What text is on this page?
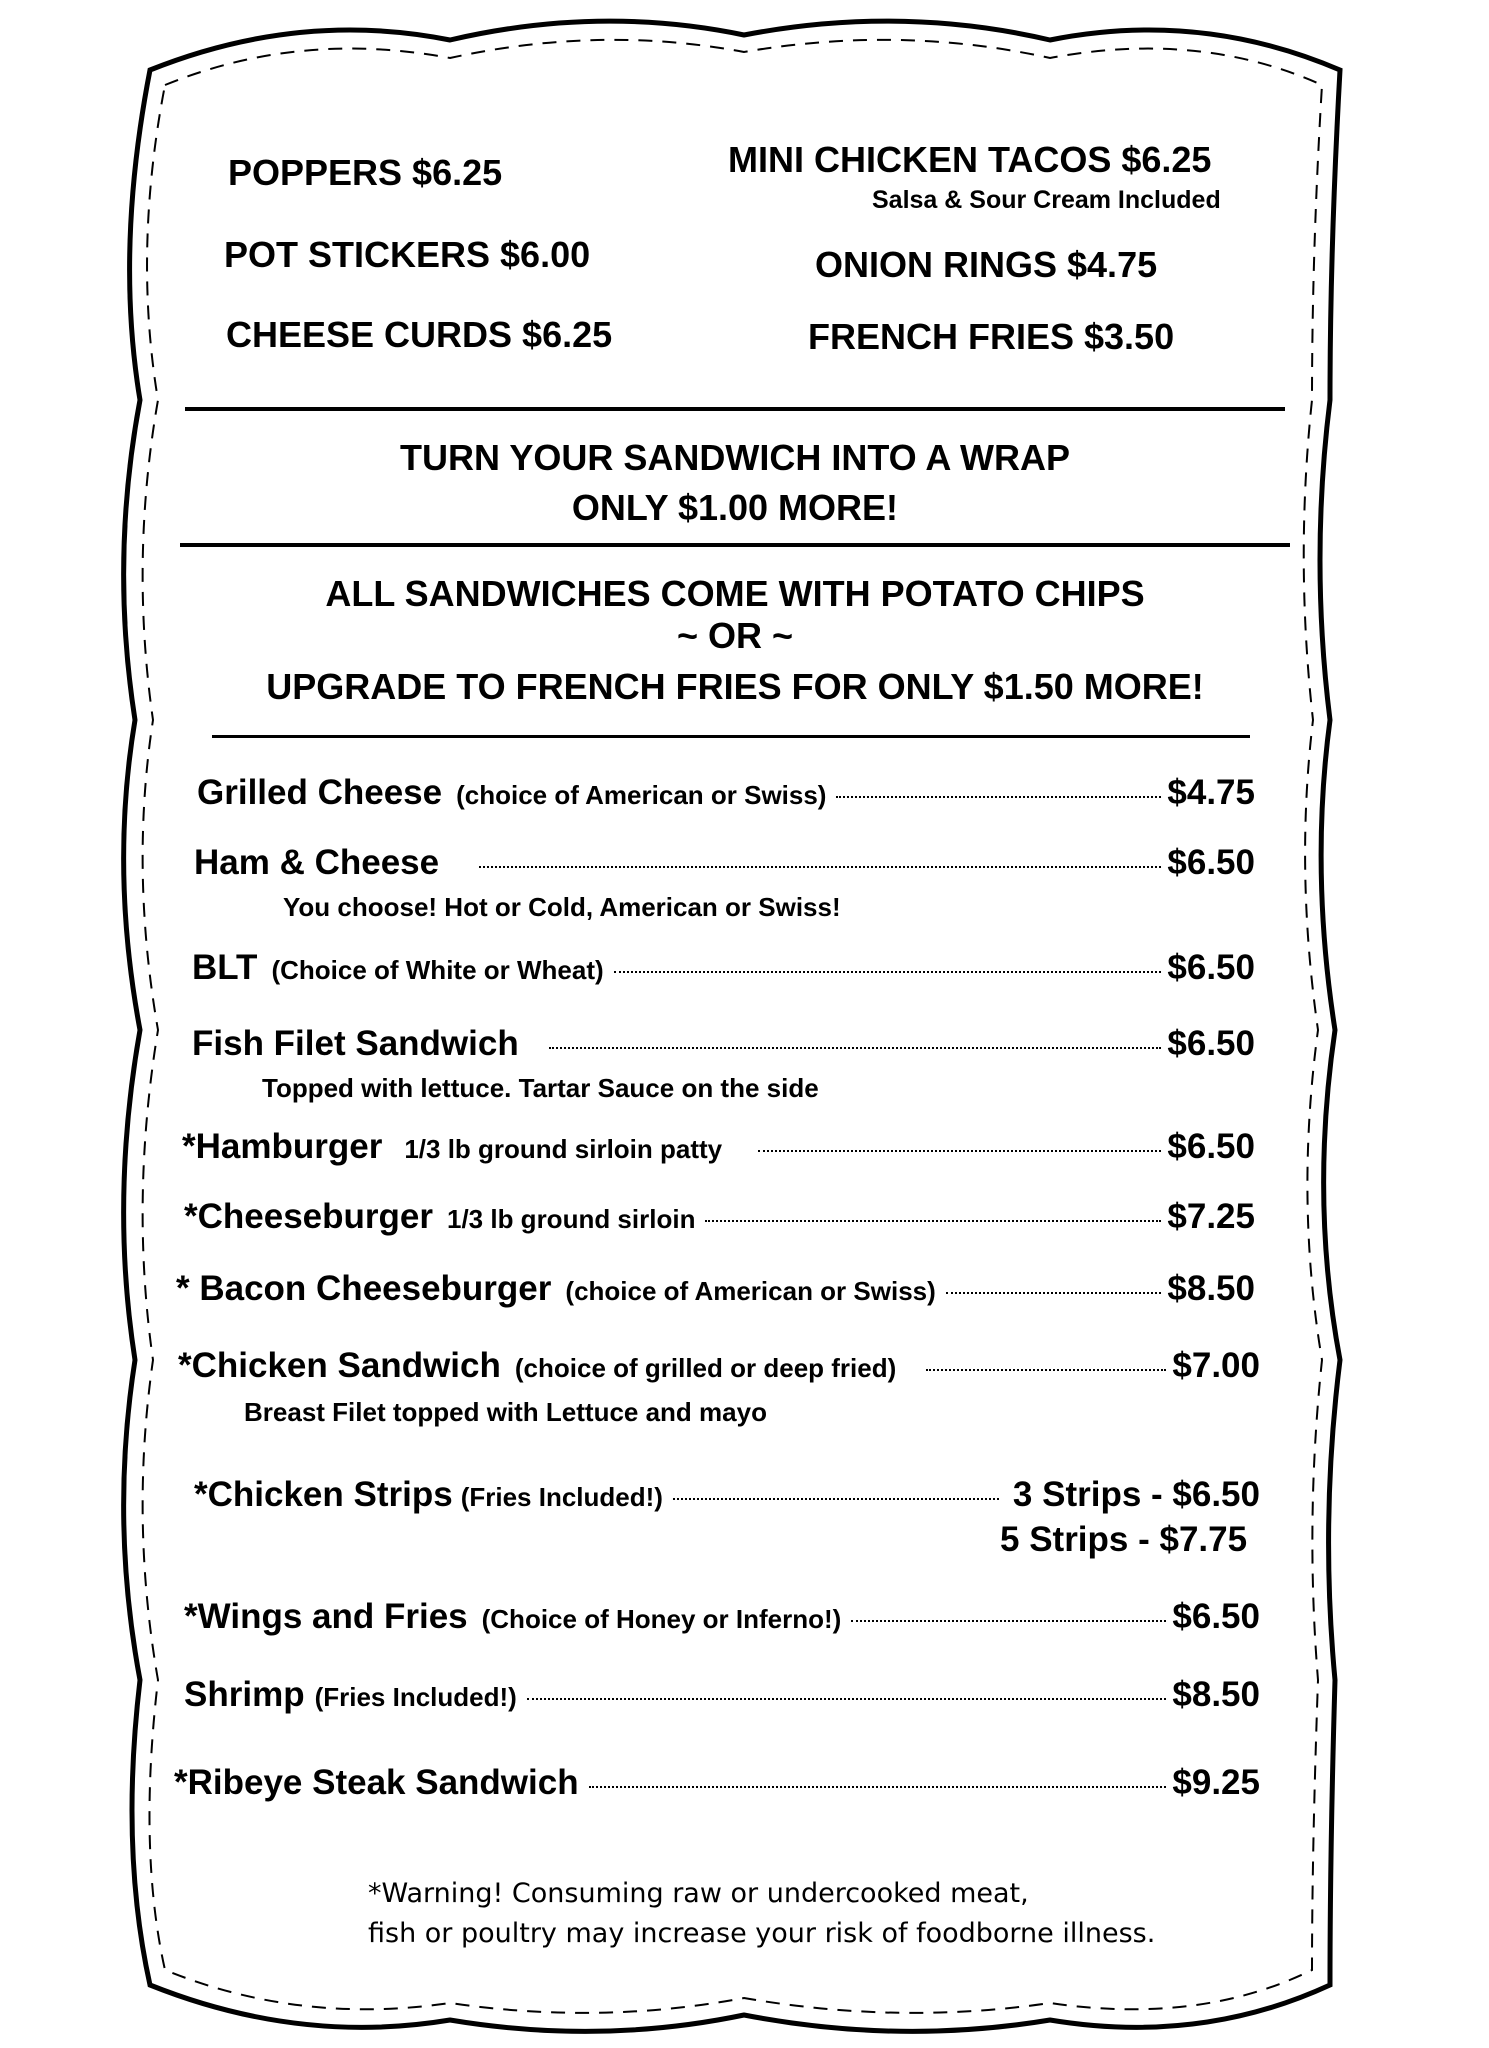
POPPERS $6.25
POT STICKERS $6.00
CHEESE CURDS $6.25
MINI CHICKEN TACOS $6.25
Salsa & Sour Cream Included
ONION RINGS $4.75
FRENCH FRIES $3.50
TURN YOUR SANDWICH INTO A WRAP
ONLY $1.00 MORE!
ALL SANDWICHES COME WITH POTATO CHIPS
~ OR ~
UPGRADE TO FRENCH FRIES FOR ONLY $1.50 MORE!
Grilled Cheese (choice of American or Swiss)	$4.75
Ham & Cheese	$6.50
You choose! Hot or Cold, American or Swiss!
BLT (Choice of White or Wheat)	$6.50
Fish Filet Sandwich	$6.50
Topped with lettuce. Tartar Sauce on the side
*Hamburger 1/3 lb ground sirloin patty	$6.50
*Cheeseburger 1/3 lb ground sirloin	$7.25
* Bacon Cheeseburger (choice of American or Swiss)	$8.50
*Chicken Sandwich (choice of grilled or deep fried)	$7.00
Breast Filet topped with Lettuce and mayo
*Chicken Strips (Fries Included!)	3 Strips - $6.50
5 Strips - $7.75
*Wings and Fries (Choice of Honey or Inferno!)	$6.50
Shrimp (Fries Included!)	$8.50
*Ribeye Steak Sandwich	$9.25
*Warning! Consuming raw or undercooked meat,
fish or poultry may increase your risk of foodborne illness.
